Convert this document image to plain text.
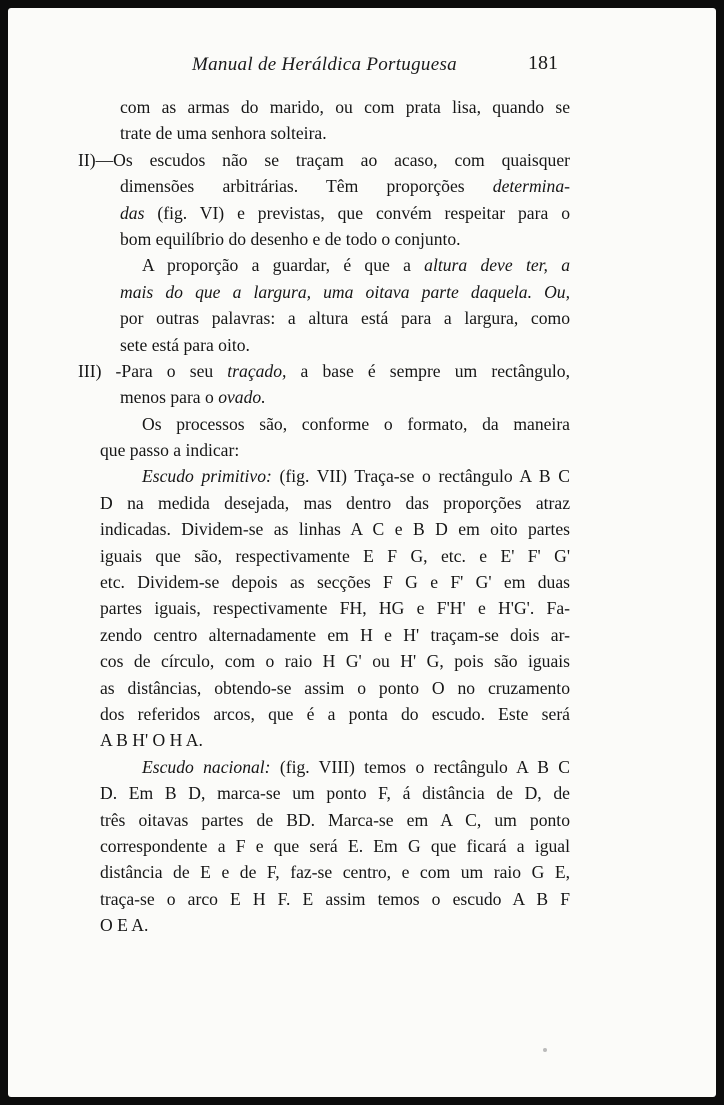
Manual de Heráldica Portuguesa	181
com as armas do marido, ou com prata lisa, quando se
trate de uma senhora solteira.
II)—Os escudos não se traçam ao acaso, com quaisquer
dimensões arbitrárias. Têm proporções determina-
das (fig. VI) e previstas, que convém respeitar para o
bom equilíbrio do desenho e de todo o conjunto.
A proporção a guardar, é que a altura deve ter, a
mais do que a largura, uma oitava parte daquela. Ou,
por outras palavras: a altura está para a largura, como
sete está para oito.
III) -Para o seu traçado, a base é sempre um rectângulo,
menos para o ovado.
Os processos são, conforme o formato, da maneira
que passo a indicar:
Escudo primitivo: (fig. VII) Traça-se o rectângulo A B C
D na medida desejada, mas dentro das proporções atraz
indicadas. Dividem-se as linhas A C e B D em oito partes
iguais que são, respectivamente E F G, etc. e E' F' G'
etc. Dividem-se depois as secções F G e F' G' em duas
partes iguais, respectivamente FH, HG e F'H' e H'G'. Fa-
zendo centro alternadamente em H e H' traçam-se dois ar-
cos de círculo, com o raio H G' ou H' G, pois são iguais
as distâncias, obtendo-se assim o ponto O no cruzamento
dos referidos arcos, que é a ponta do escudo. Este será
A B H' O H A.
Escudo nacional: (fig. VIII) temos o rectângulo A B C
D. Em B D, marca-se um ponto F, á distância de D, de
três oitavas partes de BD. Marca-se em A C, um ponto
correspondente a F e que será E. Em G que ficará a igual
distância de E e de F, faz-se centro, e com um raio G E,
traça-se o arco E H F. E assim temos o escudo A B F
O E A.
